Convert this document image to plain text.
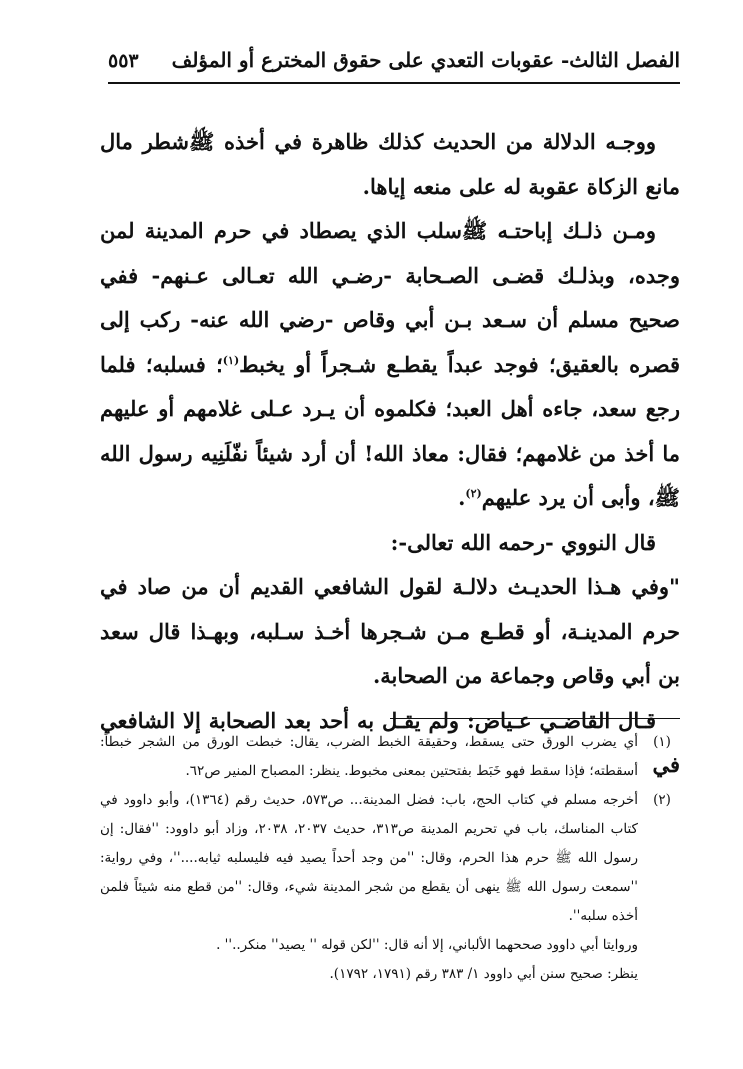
الفصل الثالث- عقوبات التعدي على حقوق المخترع أو المؤلف
٥٥٣

ووجـه الدلالة من الحديث كذلك ظاهرة في أخذه ﷺشطر مال مانع الزكاة عقوبة له على منعه إياها.

ومـن ذلـك إباحتـه ﷺسلب الذي يصطاد في حرم المدينة لمن وجده، وبذلـك قضـى الصـحابة -رضـي الله تعـالى عـنهم- ففي صحيح مسلم أن سـعد بـن أبي وقاص -رضي الله عنه- ركب إلى قصره بالعقيق؛ فوجد عبداً يقطـع شـجراً أو يخبط$^{(١)}$؛ فسلبه؛ فلما رجع سعد، جاءه أهل العبد؛ فكلموه أن يـرد عـلى غلامهم أو عليهم ما أخذ من غلامهم؛ فقال: معاذ الله! أن أرد شيئاً نفّلَنِيه رسول الله ﷺ، وأبى أن يرد عليهم$^{(٢)}$.

قال النووي -رحمه الله تعالى-:

"وفي هـذا الحديـث دلالـة لقول الشافعي القديم أن من صاد في حرم المدينـة، أو قطـع مـن شـجرها أخـذ سـلبه، وبهـذا قال سعد بن أبي وقاص وجماعة من الصحابة.

قـال القاضـي عـياض: ولم يقـل به أحد بعد الصحابة إلا الشافعي في

(١)
أي يضرب الورق حتى يسقط، وحقيقة الخبط الضرب، يقال: خبطت الورق من الشجر خبطاً: أسقطته؛ فإذا سقط فهو خَبَط بفتحتين بمعنى مخبوط. ينظر: المصباح المنير ص٦٢.
(٢)
أخرجه مسلم في كتاب الحج، باب: فضل المدينة... ص٥٧٣، حديث رقم (١٣٦٤)، وأبو داوود في كتاب المناسك، باب في تحريم المدينة ص٣١٣، حديث ٢٠٣٧، ٢٠٣٨، وزاد أبو داوود: ''فقال: إن رسول الله ﷺ حرم هذا الحرم، وقال: ''من وجد أحداً يصيد فيه فليسلبه ثيابه....''، وفي رواية: ''سمعت رسول الله ﷺ ينهى أن يقطع من شجر المدينة شيء، وقال: ''من قطع منه شيئاً فلمن أخذه سلبه''.
وروايتا أبي داوود صححهما الألباني، إلا أنه قال: ''لكن قوله '' يصيد'' منكر..'' .
ينظر: صحيح سنن أبي داوود ١/ ٣٨٣ رقم (١٧٩١، ١٧٩٢).
